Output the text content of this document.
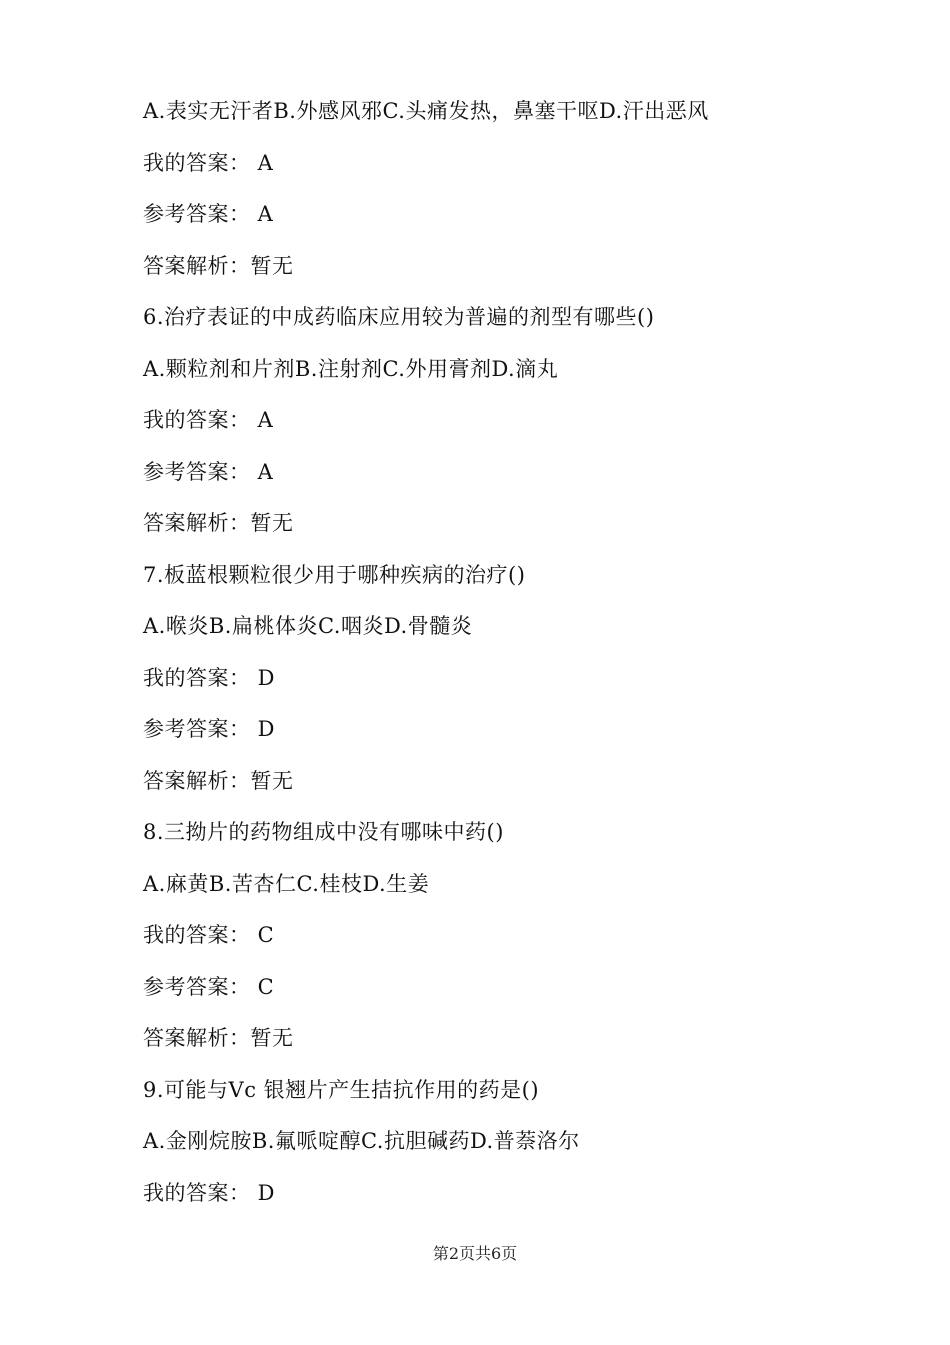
A.表实无汗者B.外感风邪C.头痛发热，鼻塞干呕D.汗出恶风
我的答案： A
参考答案： A
答案解析：暂无
6.治疗表证的中成药临床应用较为普遍的剂型有哪些()
A.颗粒剂和片剂B.注射剂C.外用膏剂D.滴丸
我的答案： A
参考答案： A
答案解析：暂无
7.板蓝根颗粒很少用于哪种疾病的治疗()
A.喉炎B.扁桃体炎C.咽炎D.骨髓炎
我的答案： D
参考答案： D
答案解析：暂无
8.三拗片的药物组成中没有哪味中药()
A.麻黄B.苦杏仁C.桂枝D.生姜
我的答案： C
参考答案： C
答案解析：暂无
9.可能与Vc 银翘片产生拮抗作用的药是()
A.金刚烷胺B.氟哌啶醇C.抗胆碱药D.普萘洛尔
我的答案： D
第2页共6页
